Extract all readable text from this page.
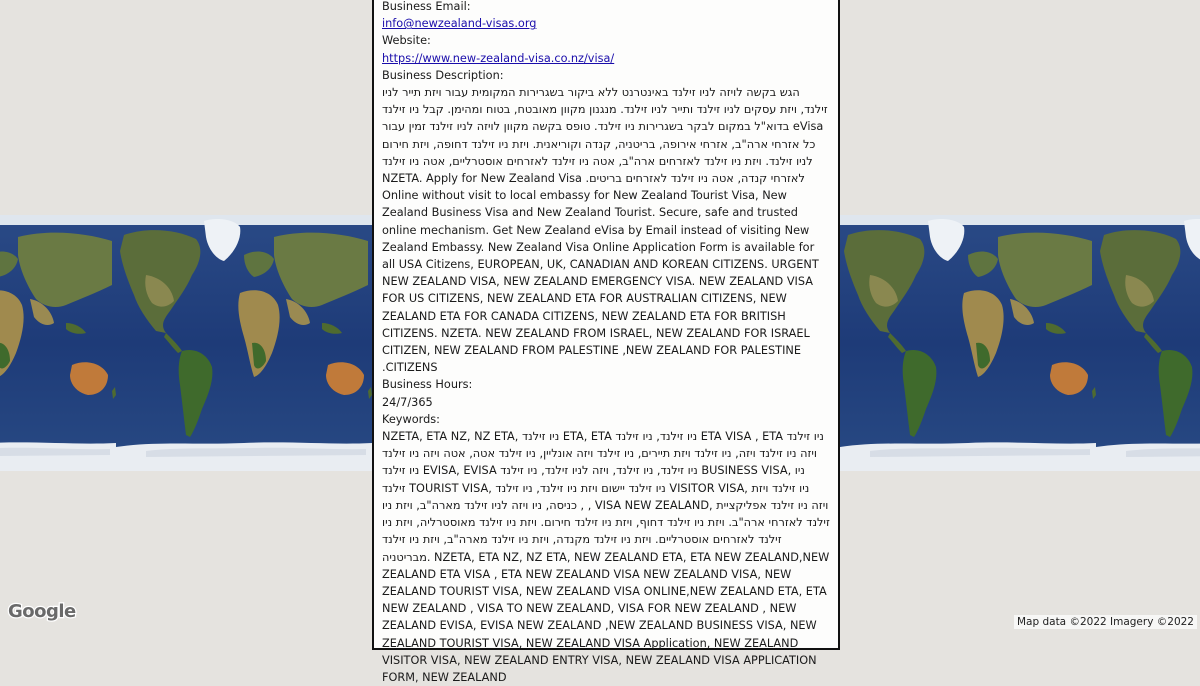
Business Email:
info@newzealand-visas.org
Website:
https://www.new-zealand-visa.co.nz/visa/
Business Description:
הגש בקשה לויזה לניו זילנד באינטרנט ללא ביקור בשגרירות המקומית עבור ויזת תייר לניו זילנד, ויזת עסקים לניו זילנד ותייר לניו זילנד. מנגנון מקוון מאובטח, בטוח ומהימן. קבל ניו זילנד eVisa בדוא"ל במקום לבקר בשגרירות ניו זילנד. טופס בקשה מקוון לויזה לניו זילנד זמין עבור כל אזרחי ארה"ב, אזרחי אירופה, בריטניה, קנדה וקוריאנית. ויזת ניו זילנד דחופה, ויזת חירום לניו זילנד. ויזת ניו זילנד לאזרחים ארה"ב, אטה ניו זילנד לאזרחים אוסטרליים, אטה ניו זילנד לאזרחי קנדה, אטה ניו זילנד לאזרחים בריטים. NZETA. Apply for New Zealand Visa Online without visit to local embassy for New Zealand Tourist Visa, New Zealand Business Visa and New Zealand Tourist. Secure, safe and trusted online mechanism. Get New Zealand eVisa by Email instead of visiting New Zealand Embassy. New Zealand Visa Online Application Form is available for all USA Citizens, EUROPEAN, UK, CANADIAN AND KOREAN CITIZENS. URGENT NEW ZEALAND VISA, NEW ZEALAND EMERGENCY VISA. NEW ZEALAND VISA FOR US CITIZENS, NEW ZEALAND ETA FOR AUSTRALIAN CITIZENS, NEW ZEALAND ETA FOR CANADA CITIZENS, NEW ZEALAND ETA FOR BRITISH CITIZENS. NZETA. NEW ZEALAND FROM ISRAEL, NEW ZEALAND FOR ISRAEL CITIZEN, NEW ZEALAND FROM PALESTINE ,NEW ZEALAND FOR PALESTINE CITIZENS.
Business Hours:
24/7/365
Keywords:
NZETA, ETA NZ, NZ ETA, ניו זילנד ETA, ETA ניו זילנד, ניו זילנד ETA VISA , ETA ניו זילנד ויזה ניו זילנד ויזה, ניו זילנד ויזת תיירים, ניו זילנד ויזה אונליין, ניו זילנד אטה, אטה ויזה ניו זילנד ניו זילנד EVISA, EVISA ניו זילנד, ניו זילנד, ויזה לניו זילנד, ניו זילנד BUSINESS VISA, ניו זילנד TOURIST VISA, ניו זילנד יישום ויזת ניו זילנד, ניו זילנד VISITOR VISA, ניו זילנד ויזת כניסה, ניו ויזה לניו זילנד מארה"ב, ויזת ניו , , VISA NEW ZEALAND, ויזה ניו זילנד אפליקציית זילנד לאזרחי ארה"ב. ויזת ניו זילנד דחוף, ויזת ניו זילנד חירום. ויזת ניו זילנד מאוסטרליה, ויזת ניו זילנד לאזרחים אוסטרליים. ויזת ניו זילנד מקנדה, ויזת ניו זילנד מארה"ב, ויזת ניו זילנד מבריטניה. NZETA, ETA NZ, NZ ETA, NEW ZEALAND ETA, ETA NEW ZEALAND,NEW ZEALAND ETA VISA , ETA NEW ZEALAND VISA NEW ZEALAND VISA, NEW ZEALAND TOURIST VISA, NEW ZEALAND VISA ONLINE,NEW ZEALAND ETA, ETA NEW ZEALAND , VISA TO NEW ZEALAND, VISA FOR NEW ZEALAND , NEW ZEALAND EVISA, EVISA NEW ZEALAND ,NEW ZEALAND BUSINESS VISA, NEW ZEALAND TOURIST VISA, NEW ZEALAND VISA Application, NEW ZEALAND VISITOR VISA, NEW ZEALAND ENTRY VISA, NEW ZEALAND VISA APPLICATION FORM, NEW ZEALAND
Google	Map data ©2022 Imagery ©2022
